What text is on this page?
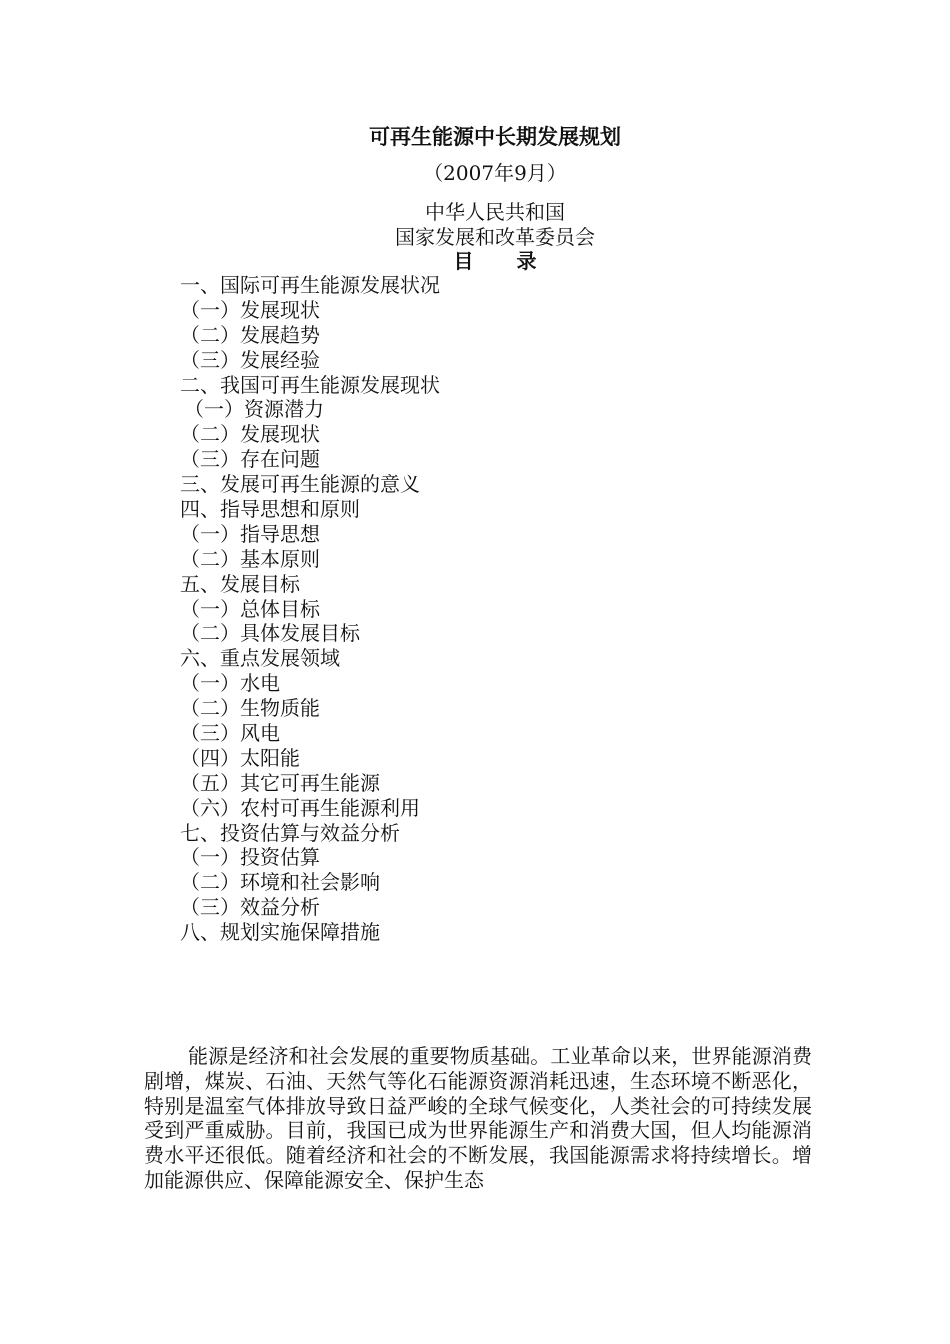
可再生能源中长期发展规划
（2007年9月）
中华人民共和国
国家发展和改革委员会
目 录
一、国际可再生能源发展状况
（一）发展现状
（二）发展趋势
（三）发展经验
二、我国可再生能源发展现状
（一）资源潜力
（二）发展现状
（三）存在问题
三、发展可再生能源的意义
四、指导思想和原则
（一）指导思想
（二）基本原则
五、发展目标
（一）总体目标
（二）具体发展目标
六、重点发展领域
（一）水电
（二）生物质能
（三）风电
（四）太阳能
（五）其它可再生能源
（六）农村可再生能源利用
七、投资估算与效益分析
（一）投资估算
（二）环境和社会影响
（三）效益分析
八、规划实施保障措施

能源是经济和社会发展的重要物质基础。工业革命以来，世界能源消费剧增，煤炭、石油、天然气等化石能源资源消耗迅速，生态环境不断恶化，特别是温室气体排放导致日益严峻的全球气候变化，人类社会的可持续发展受到严重威胁。目前，我国已成为世界能源生产和消费大国，但人均能源消费水平还很低。随着经济和社会的不断发展，我国能源需求将持续增长。增加能源供应、保障能源安全、保护生态
